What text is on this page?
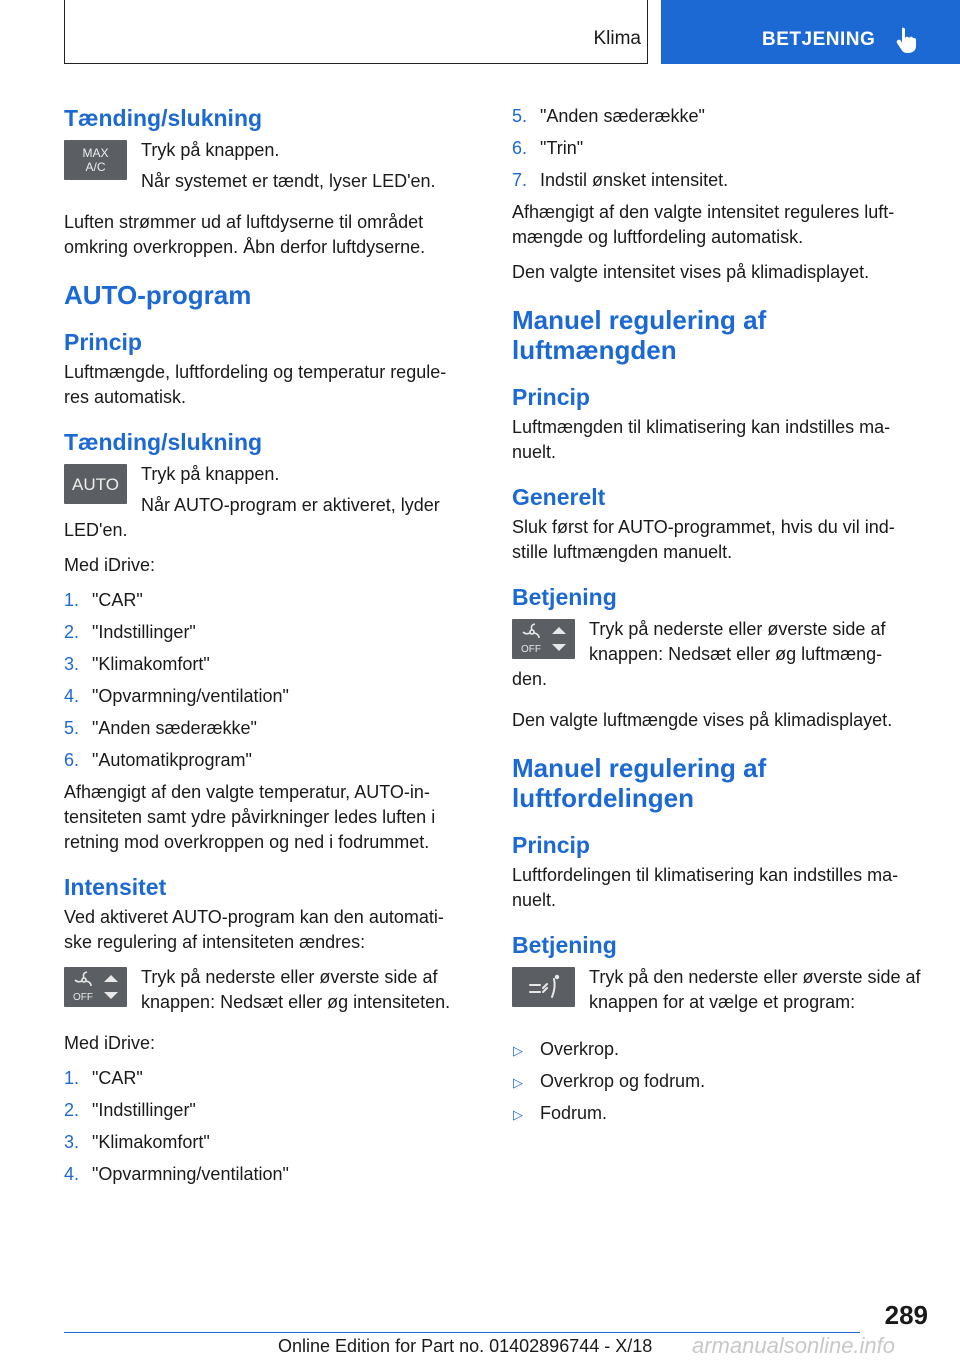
Klima	BETJENING
Tænding/slukning
MAX
A/C

Tryk på knappen.

Når systemet er tændt, lyser LED'en.

Luften strømmer ud af luftdyserne til området omkring overkroppen. Åbn derfor luftdyserne.

AUTO-program
Princip

Luftmængde, luftfordeling og temperatur regule‐ res automatisk.

Tænding/slukning
AUTO

Tryk på knappen.

Når AUTO-program er aktiveret, lyder LED'en.

Med iDrive:

1. "CAR"
2. "Indstillinger"
3. "Klimakomfort"
4. "Opvarmning/ventilation"
5. "Anden sæderække"
6. "Automatikprogram"

Afhængigt af den valgte temperatur, AUTO-in‐ tensiteten samt ydre påvirkninger ledes luften i retning mod overkroppen og ned i fodrummet.

Intensitet

Ved aktiveret AUTO-program kan den automati‐ ske regulering af intensiteten ændres:

OFF

Tryk på nederste eller øverste side af knappen: Nedsæt eller øg intensiteten.

Med iDrive:

1. "CAR"
2. "Indstillinger"
3. "Klimakomfort"
4. "Opvarmning/ventilation"
5. "Anden sæderække"
6. "Trin"
7. Indstil ønsket intensitet.

Afhængigt af den valgte intensitet reguleres luft‐ mængde og luftfordeling automatisk.

Den valgte intensitet vises på klimadisplayet.

Manuel regulering af luftmængden
Princip

Luftmængden til klimatisering kan indstilles ma‐ nuelt.

Generelt

Sluk først for AUTO-programmet, hvis du vil ind‐ stille luftmængden manuelt.

Betjening
OFF

Tryk på nederste eller øverste side af knappen: Nedsæt eller øg luftmæng‐ den.

Den valgte luftmængde vises på klimadisplayet.

Manuel regulering af luftfordelingen
Princip

Luftfordelingen til klimatisering kan indstilles ma‐ nuelt.

Betjening

Tryk på den nederste eller øverste side af knappen for at vælge et program:

▷ Overkrop.
▷ Overkrop og fodrum.
▷ Fodrum.
289
Online Edition for Part no. 01402896744 - X/18 armanualsonline.info
